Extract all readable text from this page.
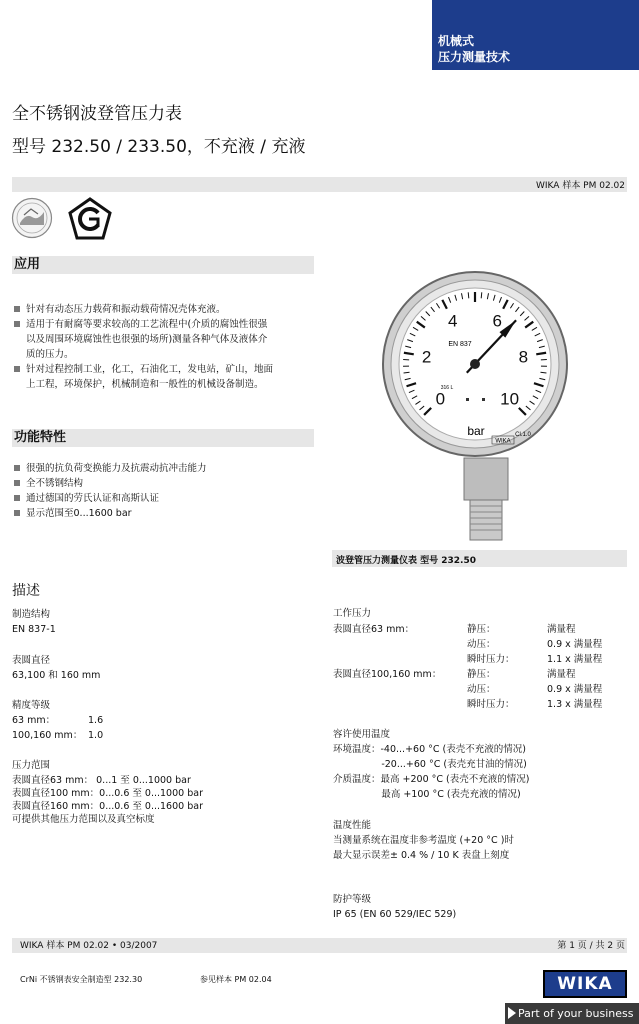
机械式
压力测量技术
全不锈钢波登管压力表
型号 232.50 / 233.50，不充液 / 充液
WIKA 样本 PM 02.02
应用
针对有动态压力载荷和振动载荷情况壳体充液。
适用于有耐腐等要求较高的工艺流程中(介质的腐蚀性很强
以及周围环境腐蚀性也很强的场所)测量各种气体及液体介
质的压力。
针对过程控制工业，化工，石油化工，发电站，矿山，地面
上工程，环境保护，机械制造和一般性的机械设备制造。
功能特性
很强的抗负荷变换能力及抗震动抗冲击能力
全不锈钢结构
通过德国的劳氏认证和高斯认证
显示范围至0...1600 bar
0
2
4 6
8
10
bar
EN 837
Cl.1.0
316 L
WIKA
波登管压力测量仪表 型号 232.50
描述
制造结构
EN 837-1
表圆直径
63,100 和 160 mm
精度等级
63 mm：	1.6
100,160 mm： 1.0
压力范围
表圆直径63 mm： 0...1 至 0...1000 bar
表圆直径100 mm：0...0.6 至 0...1000 bar
表圆直径160 mm：0...0.6 至 0...1600 bar
可提供其他压力范围以及真空标度
工作压力
表圆直径63 mm：	静压：	满量程
动压：	0.9 x 满量程
瞬时压力：	1.1 x 满量程
表圆直径100,160 mm：	静压：	满量程
动压：	0.9 x 满量程
瞬时压力：	1.3 x 满量程
容许使用温度
环境温度：-40...+60 °C (表壳不充液的情况)
-20...+60 °C (表壳充甘油的情况)
介质温度：最高 +200 °C (表壳不充液的情况)
最高 +100 °C (表壳充液的情况)
温度性能
当测量系统在温度非参考温度 (+20 °C )时
最大显示误差± 0.4 % / 10 K 表盘上刻度
防护等级
IP 65 (EN 60 529/IEC 529)
WIKA 样本 PM 02.02 • 03/2007	第 1 页 / 共 2 页
CrNi 不锈钢表安全制造型 232.30	参见样本 PM 02.04	WIKA
Part of your business
